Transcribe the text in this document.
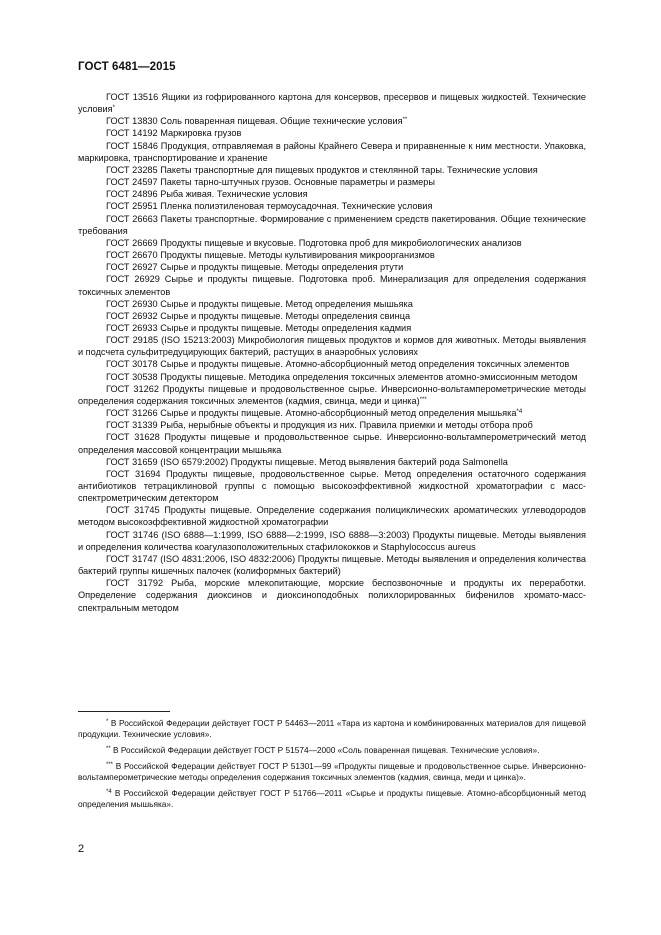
ГОСТ 6481—2015

ГОСТ 13516 Ящики из гофрированного картона для консервов, пресервов и пищевых жидкостей. Технические условия*

ГОСТ 13830 Соль поваренная пищевая. Общие технические условия**

ГОСТ 14192 Маркировка грузов

ГОСТ 15846 Продукция, отправляемая в районы Крайнего Севера и приравненные к ним местности. Упаковка, маркировка, транспортирование и хранение

ГОСТ 23285 Пакеты транспортные для пищевых продуктов и стеклянной тары. Технические условия

ГОСТ 24597 Пакеты тарно-штучных грузов. Основные параметры и размеры

ГОСТ 24896 Рыба живая. Технические условия

ГОСТ 25951 Пленка полиэтиленовая термоусадочная. Технические условия

ГОСТ 26663 Пакеты транспортные. Формирование с применением средств пакетирования. Общие технические требования

ГОСТ 26669 Продукты пищевые и вкусовые. Подготовка проб для микробиологических анализов

ГОСТ 26670 Продукты пищевые. Методы культивирования микроорганизмов

ГОСТ 26927 Сырье и продукты пищевые. Методы определения ртути

ГОСТ 26929 Сырье и продукты пищевые. Подготовка проб. Минерализация для определения содержания токсичных элементов

ГОСТ 26930 Сырье и продукты пищевые. Метод определения мышьяка

ГОСТ 26932 Сырье и продукты пищевые. Методы определения свинца

ГОСТ 26933 Сырье и продукты пищевые. Методы определения кадмия

ГОСТ 29185 (ISO 15213:2003) Микробиология пищевых продуктов и кормов для животных. Методы выявления и подсчета сульфитредуцирующих бактерий, растущих в анаэробных условиях

ГОСТ 30178 Сырье и продукты пищевые. Атомно-абсорбционный метод определения токсичных элементов

ГОСТ 30538 Продукты пищевые. Методика определения токсичных элементов атомно-эмиссионным методом

ГОСТ 31262 Продукты пищевые и продовольственное сырье. Инверсионно-вольтамперометрические методы определения содержания токсичных элементов (кадмия, свинца, меди и цинка)***

ГОСТ 31266 Сырье и продукты пищевые. Атомно-абсорбционный метод определения мышьяка$^{*4}$

ГОСТ 31339 Рыба, нерыбные объекты и продукция из них. Правила приемки и методы отбора проб

ГОСТ 31628 Продукты пищевые и продовольственное сырье. Инверсионно-вольтамперометрический метод определения массовой концентрации мышьяка

ГОСТ 31659 (ISO 6579:2002) Продукты пищевые. Метод выявления бактерий рода Salmonella

ГОСТ 31694 Продукты пищевые, продовольственное сырье. Метод определения остаточного содержания антибиотиков тетрациклиновой группы с помощью высокоэффективной жидкостной хроматографии с масс-спектрометрическим детектором

ГОСТ 31745 Продукты пищевые. Определение содержания полициклических ароматических углеводородов методом высокоэффективной жидкостной хроматографии

ГОСТ 31746 (ISO 6888—1:1999, ISO 6888—2:1999, ISO 6888—3:2003) Продукты пищевые. Методы выявления и определения количества коагулазоположительных стафилококков и Staphylococcus aureus

ГОСТ 31747 (ISO 4831:2006, ISO 4832:2006) Продукты пищевые. Методы выявления и определения количества бактерий группы кишечных палочек (колиформных бактерий)

ГОСТ 31792 Рыба, морские млекопитающие, морские беспозвоночные и продукты их переработки. Определение содержания диоксинов и диоксиноподобных полихлорированных бифенилов хромато-масс-спектральным методом

* В Российской Федерации действует ГОСТ Р 54463—2011 «Тара из картона и комбинированных материалов для пищевой продукции. Технические условия».

** В Российской Федерации действует ГОСТ Р 51574—2000 «Соль поваренная пищевая. Технические условия».

*** В Российской Федерации действует ГОСТ Р 51301—99 «Продукты пищевые и продовольственное сырье. Инверсионно-вольтамперометрические методы определения содержания токсичных элементов (кадмия, свинца, меди и цинка)».

$^{*4}$ В Российской Федерации действует ГОСТ Р 51766—2011 «Сырье и продукты пищевые. Атомно-абсорбционный метод определения мышьяка».

2
